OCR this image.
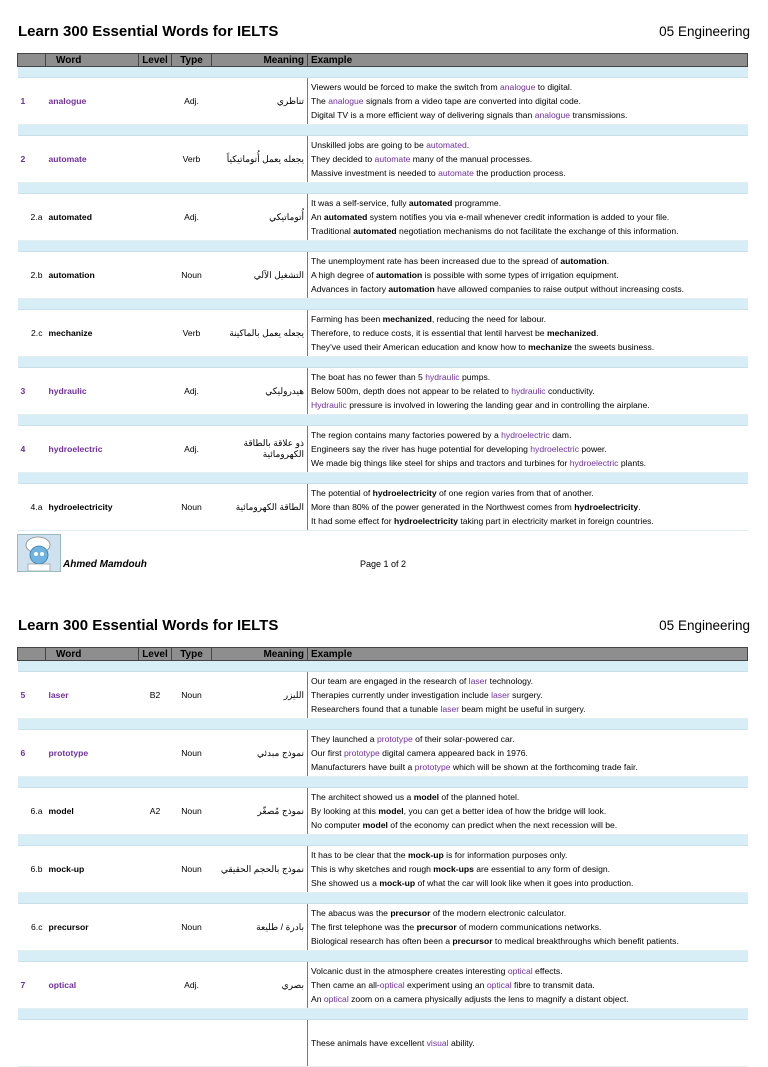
Learn 300 Essential Words for IELTS	05 Engineering
	Word	Level	Type	Meaning	Example

1	analogue		Adj.	تناظري	Viewers would be forced to make the switch from analogue to digital.
The analogue signals from a video tape are converted into digital code.
Digital TV is a more efficient way of delivering signals than analogue transmissions.

2	automate		Verb	يجعله يعمل أُتوماتيكياً	Unskilled jobs are going to be automated.
They decided to automate many of the manual processes.
Massive investment is needed to automate the production process.

2.a	automated		Adj.	أُتوماتيكي	It was a self-service, fully automated programme.
An automated system notifies you via e-mail whenever credit information is added to your file.
Traditional automated negotiation mechanisms do not facilitate the exchange of this information.

2.b	automation		Noun	التشغيل الآلي	The unemployment rate has been increased due to the spread of automation.
A high degree of automation is possible with some types of irrigation equipment.
Advances in factory automation have allowed companies to raise output without increasing costs.

2.c	mechanize		Verb	يجعله يعمل بالماكينة	Farming has been mechanized, reducing the need for labour.
Therefore, to reduce costs, it is essential that lentil harvest be mechanized.
They've used their American education and know how to mechanize the sweets business.

3	hydraulic		Adj.	هيدروليكي	The boat has no fewer than 5 hydraulic pumps.
Below 500m, depth does not appear to be related to hydraulic conductivity.
Hydraulic pressure is involved in lowering the landing gear and in controlling the airplane.

4	hydroelectric		Adj.	ذو علاقة بالطاقة الكهرومائية	The region contains many factories powered by a hydroelectric dam.
Engineers say the river has huge potential for developing hydroelectric power.
We made big things like steel for ships and tractors and turbines for hydroelectric plants.

4.a	hydroelectricity		Noun	الطاقة الكهرومائية	The potential of hydroelectricity of one region varies from that of another.
More than 80% of the power generated in the Northwest comes from hydroelectricity.
It had some effect for hydroelectricity taking part in electricity market in foreign countries.
Ahmed Mamdouh	Page 1 of 2
Learn 300 Essential Words for IELTS	05 Engineering
	Word	Level	Type	Meaning	Example

5	laser	B2	Noun	الليزر	Our team are engaged in the research of laser technology.
Therapies currently under investigation include laser surgery.
Researchers found that a tunable laser beam might be useful in surgery.

6	prototype		Noun	نموذج مبدئي	They launched a prototype of their solar-powered car.
Our first prototype digital camera appeared back in 1976.
Manufacturers have built a prototype which will be shown at the forthcoming trade fair.

6.a	model	A2	Noun	نموذج مُصغّر	The architect showed us a model of the planned hotel.
By looking at this model, you can get a better idea of how the bridge will look.
No computer model of the economy can predict when the next recession will be.

6.b	mock-up		Noun	نموذج بالحجم الحقيقي	It has to be clear that the mock-up is for information purposes only.
This is why sketches and rough mock-ups are essential to any form of design.
She showed us a mock-up of what the car will look like when it goes into production.

6.c	precursor		Noun	بادرة / طليعة	The abacus was the precursor of the modern electronic calculator.
The first telephone was the precursor of modern communications networks.
Biological research has often been a precursor to medical breakthroughs which benefit patients.

7	optical		Adj.	بصري	Volcanic dust in the atmosphere creates interesting optical effects.
Then came an all-optical experiment using an optical fibre to transmit data.
An optical zoom on a camera physically adjusts the lens to magnify a distant object.

					These animals have excellent visual ability.
